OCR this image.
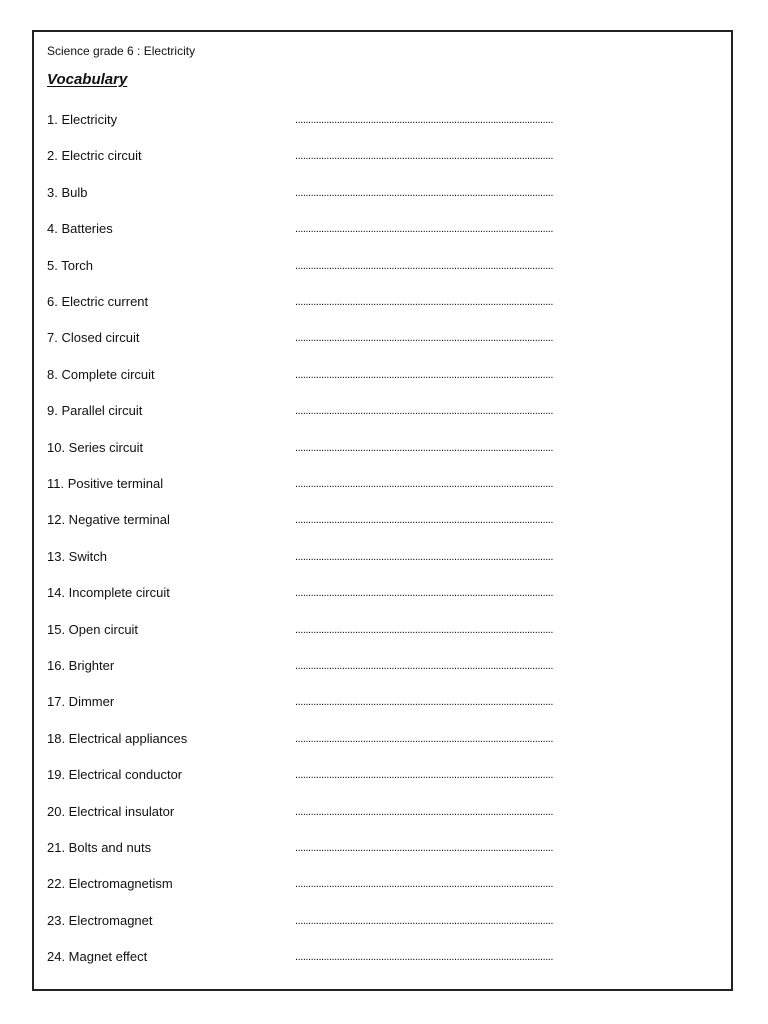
Science grade 6 : Electricity
Vocabulary
1. Electricity	...................................................................................................
2. Electric circuit	...................................................................................................
3. Bulb	...................................................................................................
4. Batteries	...................................................................................................
5. Torch	...................................................................................................
6. Electric current	...................................................................................................
7. Closed circuit	...................................................................................................
8. Complete circuit	...................................................................................................
9. Parallel circuit	...................................................................................................
10. Series circuit	...................................................................................................
11. Positive terminal	...................................................................................................
12. Negative terminal	...................................................................................................
13. Switch	...................................................................................................
14. Incomplete circuit	...................................................................................................
15. Open circuit	...................................................................................................
16. Brighter	...................................................................................................
17. Dimmer	...................................................................................................
18. Electrical appliances	...................................................................................................
19. Electrical conductor	...................................................................................................
20. Electrical insulator	...................................................................................................
21. Bolts and nuts	...................................................................................................
22. Electromagnetism	...................................................................................................
23. Electromagnet	...................................................................................................
24. Magnet effect	...................................................................................................
